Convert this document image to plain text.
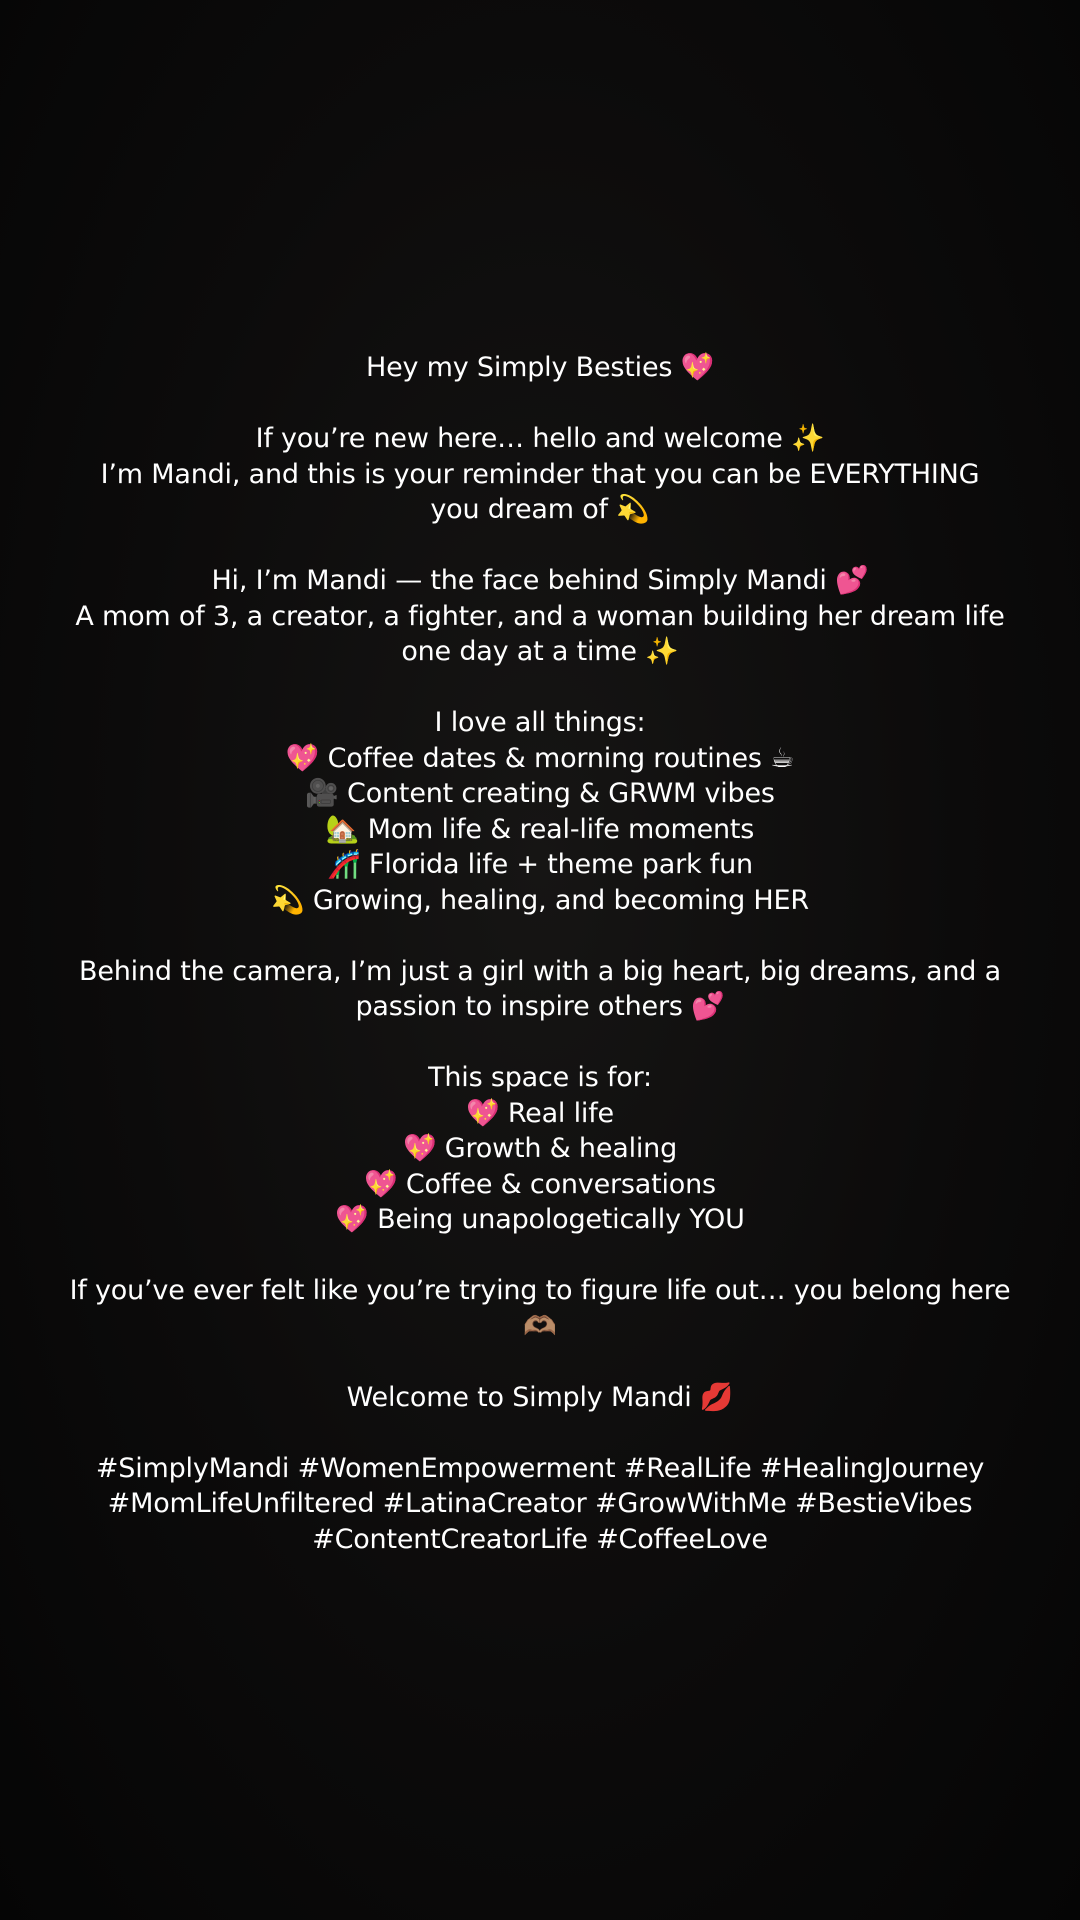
Hey my Simply Besties 💖
If you’re new here… hello and welcome ✨
I’m Mandi, and this is your reminder that you can be EVERYTHING
you dream of 💫
Hi, I’m Mandi — the face behind Simply Mandi 💕
A mom of 3, a creator, a fighter, and a woman building her dream life
one day at a time ✨
I love all things:
💖 Coffee dates & morning routines ☕
🎥 Content creating & GRWM vibes
🏡 Mom life & real-life moments
🎢 Florida life + theme park fun
💫 Growing, healing, and becoming HER
Behind the camera, I’m just a girl with a big heart, big dreams, and a
passion to inspire others 💕
This space is for:
💖 Real life
💖 Growth & healing
💖 Coffee & conversations
💖 Being unapologetically YOU
If you’ve ever felt like you’re trying to figure life out… you belong here
🫶🏽
Welcome to Simply Mandi 💋
#SimplyMandi #WomenEmpowerment #RealLife #HealingJourney
#MomLifeUnfiltered #LatinaCreator #GrowWithMe #BestieVibes
#ContentCreatorLife #CoffeeLove
